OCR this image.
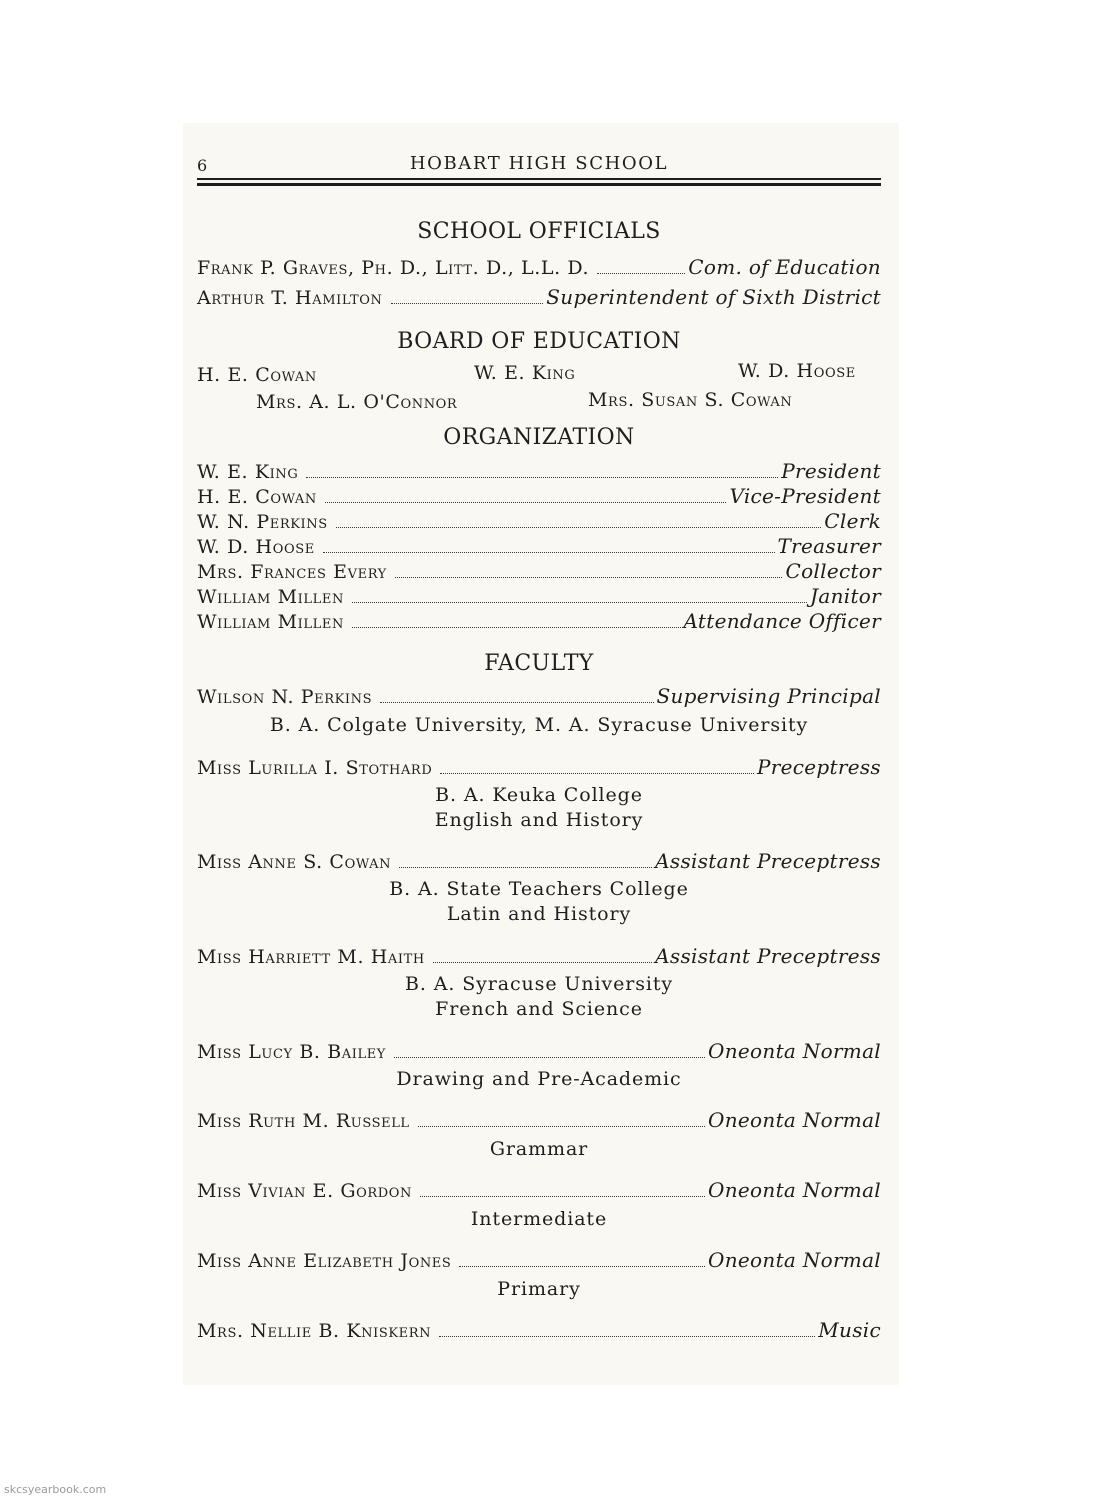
6	HOBART HIGH SCHOOL
SCHOOL OFFICIALS
Frank P. Graves, Ph. D., Litt. D., L.L. D.	Com. of Education
Arthur T. Hamilton	Superintendent of Sixth District
BOARD OF EDUCATION
H. E. Cowan	W. E. King	W. D. Hoose
Mrs. A. L. O'Connor	Mrs. Susan S. Cowan
ORGANIZATION
W. E. King	President
H. E. Cowan	Vice-President
W. N. Perkins	Clerk
W. D. Hoose	Treasurer
Mrs. Frances Every	Collector
William Millen	Janitor
William Millen	Attendance Officer
FACULTY
Wilson N. Perkins	Supervising Principal
B. A. Colgate University, M. A. Syracuse University
Miss Lurilla I. Stothard	Preceptress
B. A. Keuka College
English and History
Miss Anne S. Cowan	Assistant Preceptress
B. A. State Teachers College
Latin and History
Miss Harriett M. Haith	Assistant Preceptress
B. A. Syracuse University
French and Science
Miss Lucy B. Bailey	Oneonta Normal
Drawing and Pre-Academic
Miss Ruth M. Russell	Oneonta Normal
Grammar
Miss Vivian E. Gordon	Oneonta Normal
Intermediate
Miss Anne Elizabeth Jones	Oneonta Normal
Primary
Mrs. Nellie B. Kniskern	Music
skcsyearbook.com
